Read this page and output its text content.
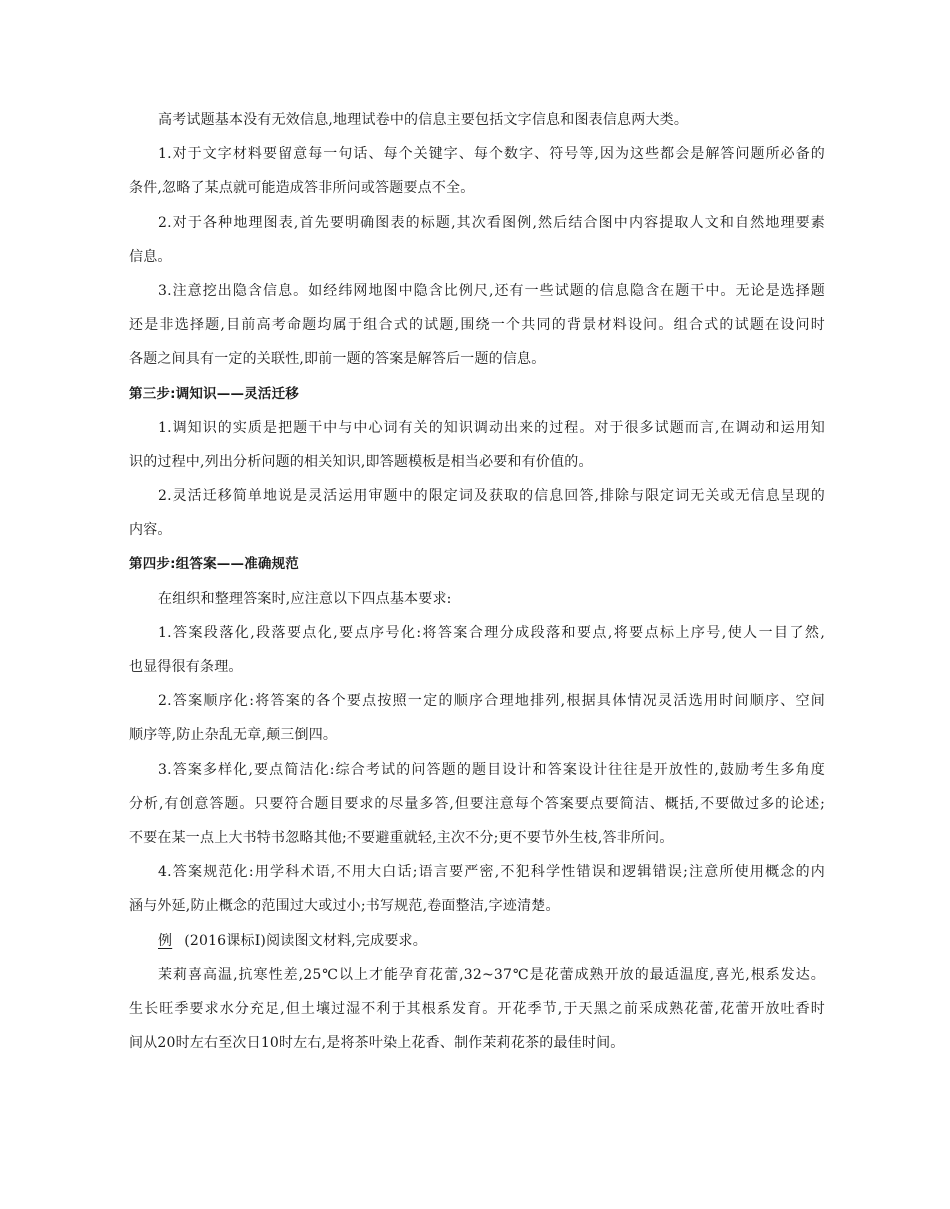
高考试题基本没有无效信息,地理试卷中的信息主要包括文字信息和图表信息两大类。
1.对于文字材料要留意每一句话、每个关键字、每个数字、符号等,因为这些都会是解答问题所必备的
条件,忽略了某点就可能造成答非所问或答题要点不全。
2.对于各种地理图表,首先要明确图表的标题,其次看图例,然后结合图中内容提取人文和自然地理要素
信息。
3.注意挖出隐含信息。如经纬网地图中隐含比例尺,还有一些试题的信息隐含在题干中。无论是选择题
还是非选择题,目前高考命题均属于组合式的试题,围绕一个共同的背景材料设问。组合式的试题在设问时
各题之间具有一定的关联性,即前一题的答案是解答后一题的信息。
第三步:调知识——灵活迁移
1.调知识的实质是把题干中与中心词有关的知识调动出来的过程。对于很多试题而言,在调动和运用知
识的过程中,列出分析问题的相关知识,即答题模板是相当必要和有价值的。
2.灵活迁移简单地说是灵活运用审题中的限定词及获取的信息回答,排除与限定词无关或无信息呈现的
内容。
第四步:组答案——准确规范
在组织和整理答案时,应注意以下四点基本要求:
1.答案段落化,段落要点化,要点序号化:将答案合理分成段落和要点,将要点标上序号,使人一目了然,
也显得很有条理。
2.答案顺序化:将答案的各个要点按照一定的顺序合理地排列,根据具体情况灵活选用时间顺序、空间
顺序等,防止杂乱无章,颠三倒四。
3.答案多样化,要点简洁化:综合考试的问答题的题目设计和答案设计往往是开放性的,鼓励考生多角度
分析,有创意答题。只要符合题目要求的尽量多答,但要注意每个答案要点要简洁、概括,不要做过多的论述;
不要在某一点上大书特书忽略其他;不要避重就轻,主次不分;更不要节外生枝,答非所问。
4.答案规范化:用学科术语,不用大白话;语言要严密,不犯科学性错误和逻辑错误;注意所使用概念的内
涵与外延,防止概念的范围过大或过小;书写规范,卷面整洁,字迹清楚。
例 (2016课标Ⅰ)阅读图文材料,完成要求。
茉莉喜高温,抗寒性差,25℃以上才能孕育花蕾,32~37℃是花蕾成熟开放的最适温度,喜光,根系发达。
生长旺季要求水分充足,但土壤过湿不利于其根系发育。开花季节,于天黑之前采成熟花蕾,花蕾开放吐香时
间从20时左右至次日10时左右,是将茶叶染上花香、制作茉莉花茶的最佳时间。
